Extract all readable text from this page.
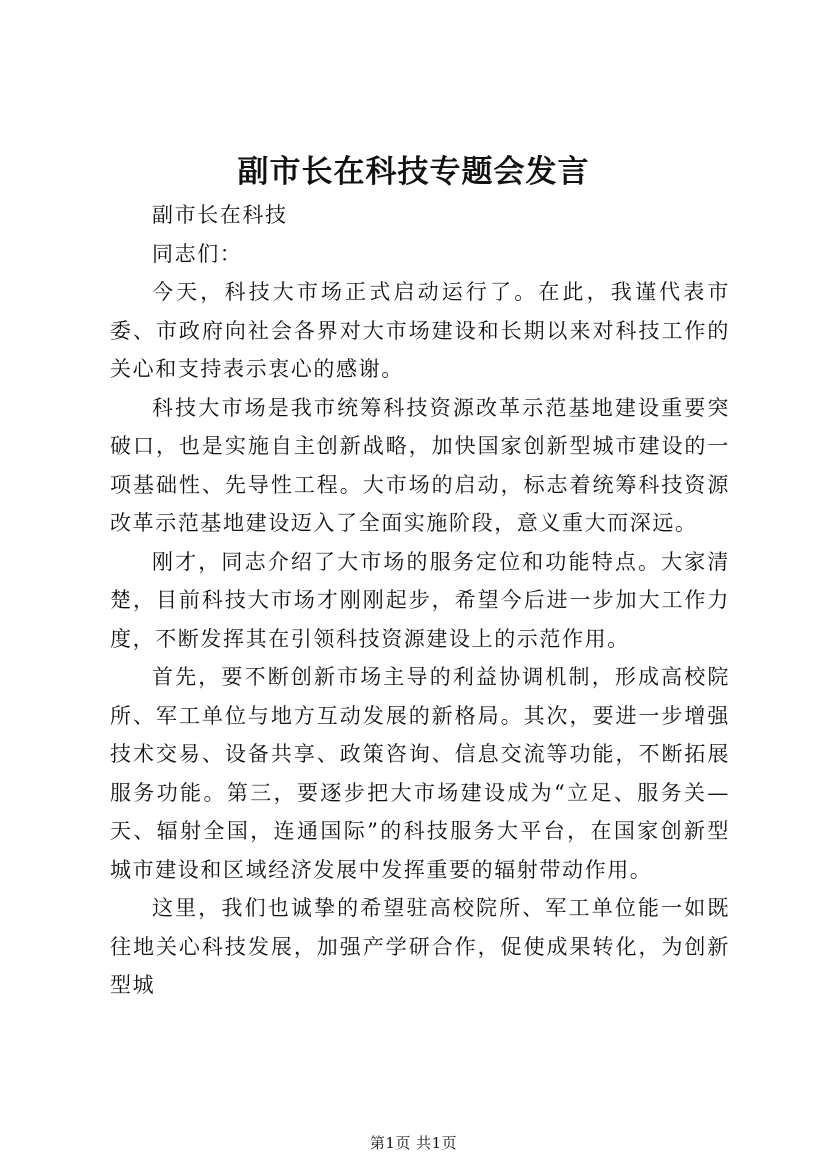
副市长在科技专题会发言

副市长在科技

同志们：

今天，科技大市场正式启动运行了。在此，我谨代表市委、市政府向社会各界对大市场建设和长期以来对科技工作的关心和支持表示衷心的感谢。

科技大市场是我市统筹科技资源改革示范基地建设重要突破口，也是实施自主创新战略，加快国家创新型城市建设的一项基础性、先导性工程。大市场的启动，标志着统筹科技资源改革示范基地建设迈入了全面实施阶段，意义重大而深远。

刚才，同志介绍了大市场的服务定位和功能特点。大家清楚，目前科技大市场才刚刚起步，希望今后进一步加大工作力度，不断发挥其在引领科技资源建设上的示范作用。

首先，要不断创新市场主导的利益协调机制，形成高校院所、军工单位与地方互动发展的新格局。其次，要进一步增强技术交易、设备共享、政策咨询、信息交流等功能，不断拓展服务功能。第三，要逐步把大市场建设成为“立足、服务关—天、辐射全国，连通国际”的科技服务大平台，在国家创新型城市建设和区域经济发展中发挥重要的辐射带动作用。

这里，我们也诚挚的希望驻高校院所、军工单位能一如既往地关心科技发展，加强产学研合作，促使成果转化，为创新型城

第1页 共1页
